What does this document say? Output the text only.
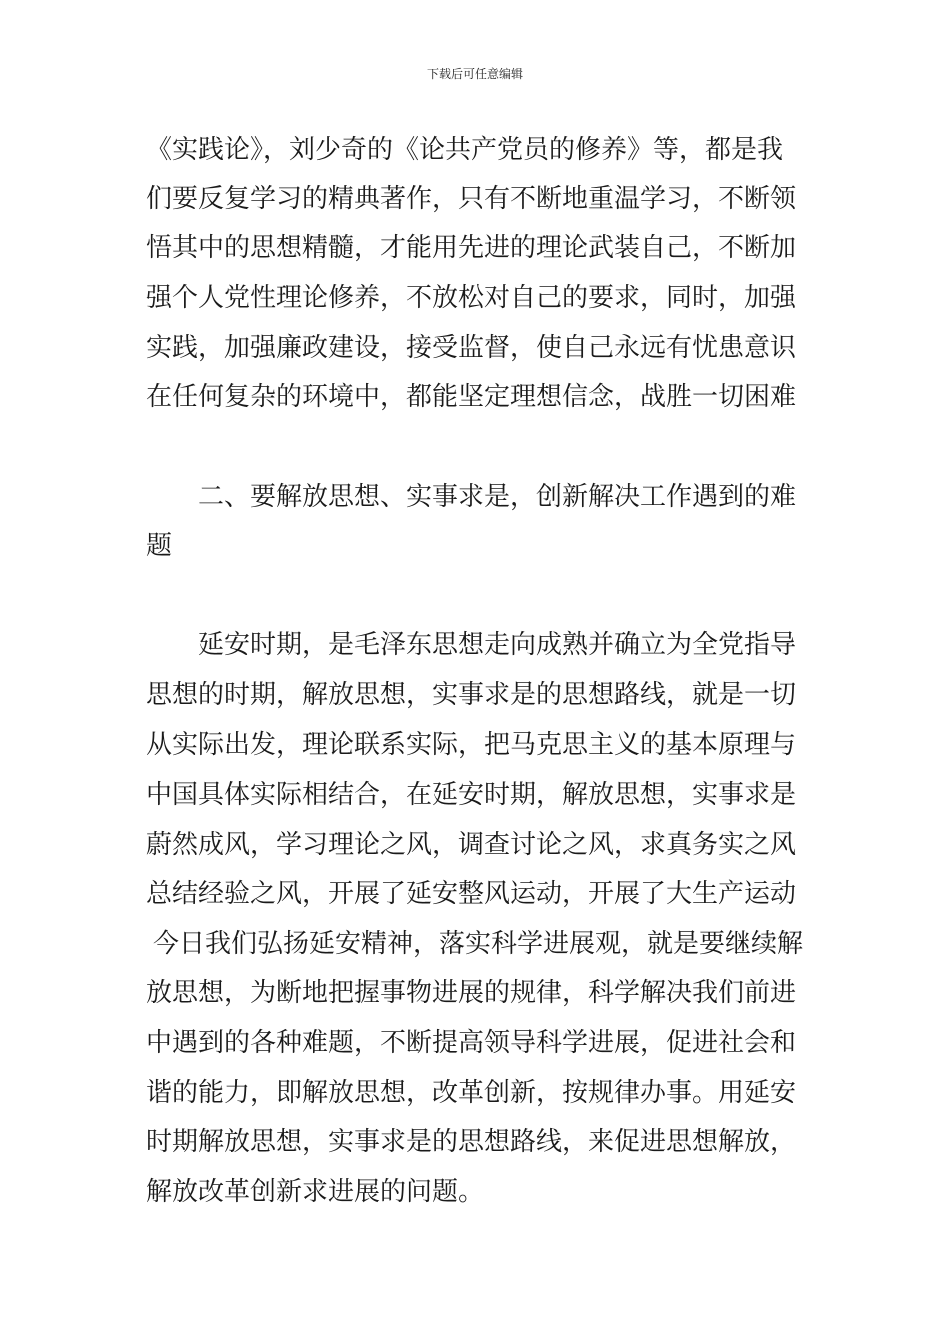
下载后可任意编辑
《实践论》，刘少奇的《论共产党员的修养》等，都是我
们要反复学习的精典著作，只有不断地重温学习，不断领
悟其中的思想精髓，才能用先进的理论武装自己，不断加
强个人党性理论修养，不放松对自己的要求，同时，加强
实践，加强廉政建设，接受监督，使自己永远有忧患意识
在任何复杂的环境中，都能坚定理想信念，战胜一切困难
二、要解放思想、实事求是，创新解决工作遇到的难
题
延安时期，是毛泽东思想走向成熟并确立为全党指导
思想的时期，解放思想，实事求是的思想路线，就是一切
从实际出发，理论联系实际，把马克思主义的基本原理与
中国具体实际相结合，在延安时期，解放思想，实事求是
蔚然成风，学习理论之风，调查讨论之风，求真务实之风
总结经验之风，开展了延安整风运动，开展了大生产运动
今日我们弘扬延安精神，落实科学进展观，就是要继续解
放思想，为断地把握事物进展的规律，科学解决我们前进
中遇到的各种难题，不断提高领导科学进展，促进社会和
谐的能力，即解放思想，改革创新，按规律办事。用延安
时期解放思想，实事求是的思想路线，来促进思想解放，
解放改革创新求进展的问题。
